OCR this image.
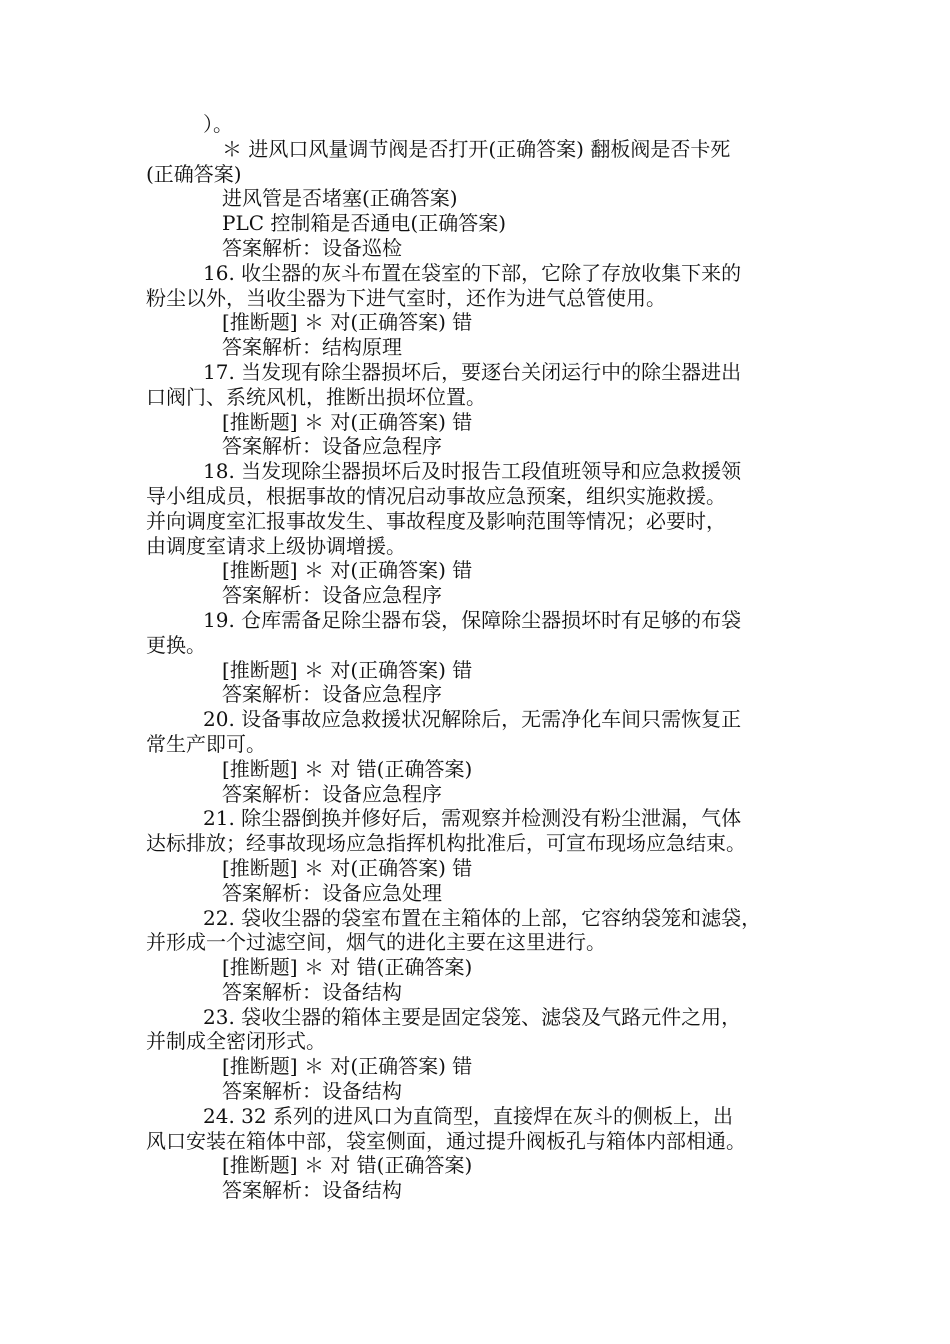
）。
＊ 进风口风量调节阀是否打开(正确答案) 翻板阀是否卡死
(正确答案)
进风管是否堵塞(正确答案)
PLC 控制箱是否通电(正确答案)
答案解析：设备巡检
16. 收尘器的灰斗布置在袋室的下部，它除了存放收集下来的
粉尘以外，当收尘器为下进气室时，还作为进气总管使用。
[推断题] ＊ 对(正确答案) 错
答案解析：结构原理
17. 当发现有除尘器损坏后，要逐台关闭运行中的除尘器进出
口阀门、系统风机，推断出损坏位置。
[推断题] ＊ 对(正确答案) 错
答案解析：设备应急程序
18. 当发现除尘器损坏后及时报告工段值班领导和应急救援领
导小组成员，根据事故的情况启动事故应急预案，组织实施救援。
并向调度室汇报事故发生、事故程度及影响范围等情况；必要时，
由调度室请求上级协调增援。
[推断题] ＊ 对(正确答案) 错
答案解析：设备应急程序
19. 仓库需备足除尘器布袋，保障除尘器损坏时有足够的布袋
更换。
[推断题] ＊ 对(正确答案) 错
答案解析：设备应急程序
20. 设备事故应急救援状况解除后，无需净化车间只需恢复正
常生产即可。
[推断题] ＊ 对 错(正确答案)
答案解析：设备应急程序
21. 除尘器倒换并修好后，需观察并检测没有粉尘泄漏，气体
达标排放；经事故现场应急指挥机构批准后，可宣布现场应急结束。
[推断题] ＊ 对(正确答案) 错
答案解析：设备应急处理
22. 袋收尘器的袋室布置在主箱体的上部，它容纳袋笼和滤袋，
并形成一个过滤空间，烟气的进化主要在这里进行。
[推断题] ＊ 对 错(正确答案)
答案解析：设备结构
23. 袋收尘器的箱体主要是固定袋笼、滤袋及气路元件之用，
并制成全密闭形式。
[推断题] ＊ 对(正确答案) 错
答案解析：设备结构
24. 32 系列的进风口为直筒型，直接焊在灰斗的侧板上，出
风口安装在箱体中部，袋室侧面，通过提升阀板孔与箱体内部相通。
[推断题] ＊ 对 错(正确答案)
答案解析：设备结构
